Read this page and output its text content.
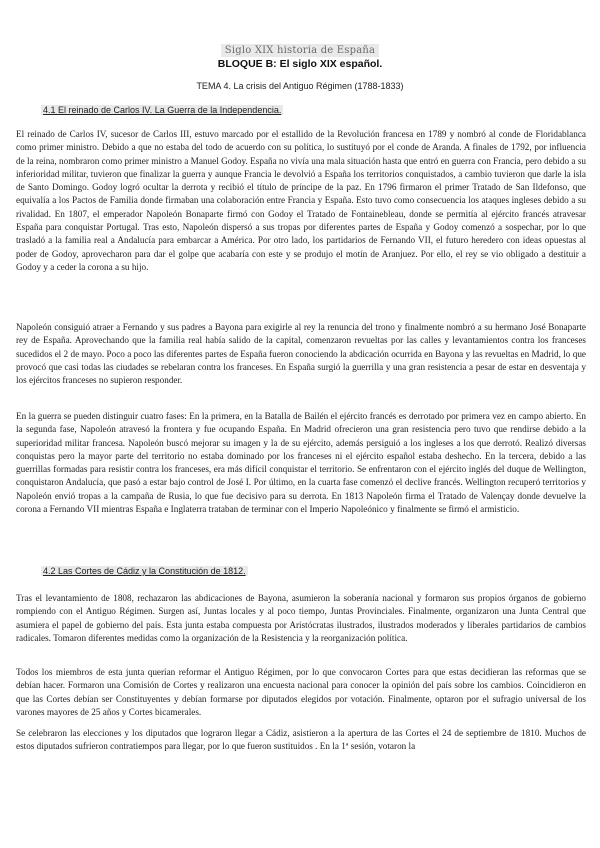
Siglo XIX historia de España
BLOQUE B: El siglo XIX español.
TEMA 4. La crisis del Antiguo Régimen (1788-1833)
4.1 El reinado de Carlos IV. La Guerra de la Independencia.

El reinado de Carlos IV, sucesor de Carlos III, estuvo marcado por el estallido de la Revolución francesa en 1789 y nombró al conde de Floridablanca como primer ministro. Debido a que no estaba del todo de acuerdo con su política, lo sustituyó por el conde de Aranda. A finales de 1792, por influencia de la reina, nombraron como primer ministro a Manuel Godoy. España no vivía una mala situación hasta que entró en guerra con Francia, pero debido a su inferioridad militar, tuvieron que finalizar la guerra y aunque Francia le devolvió a España los territorios conquistados, a cambio tuvieron que darle la isla de Santo Domingo. Godoy logró ocultar la derrota y recibió el título de príncipe de la paz. En 1796 firmaron el primer Tratado de San Ildefonso, que equivalía a los Pactos de Familia donde firmaban una colaboración entre Francia y España. Esto tuvo como consecuencia los ataques ingleses debido a su rivalidad. En 1807, el emperador Napoleón Bonaparte firmó con Godoy el Tratado de Fontainebleau, donde se permitía al ejército francés atravesar España para conquistar Portugal. Tras esto, Napoleón dispersó a sus tropas por diferentes partes de España y Godoy comenzó a sospechar, por lo que trasladó a la familia real a Andalucía para embarcar a América. Por otro lado, los partidarios de Fernando VII, el futuro heredero con ideas opuestas al poder de Godoy, aprovecharon para dar el golpe que acabaría con este y se produjo el motín de Aranjuez. Por ello, el rey se vio obligado a destituir a Godoy y a ceder la corona a su hijo.

Napoleón consiguió atraer a Fernando y sus padres a Bayona para exigirle al rey la renuncia del trono y finalmente nombró a su hermano José Bonaparte rey de España. Aprovechando que la familia real había salido de la capital, comenzaron revueltas por las calles y levantamientos contra los franceses sucedidos el 2 de mayo. Poco a poco las diferentes partes de España fueron conociendo la abdicación ocurrida en Bayona y las revueltas en Madrid, lo que provocó que casi todas las ciudades se rebelaran contra los franceses. En España surgió la guerrilla y una gran resistencia a pesar de estar en desventaja y los ejércitos franceses no supieron responder.

En la guerra se pueden distinguir cuatro fases: En la primera, en la Batalla de Bailén el ejército francés es derrotado por primera vez en campo abierto. En la segunda fase, Napoleón atravesó la frontera y fue ocupando España. En Madrid ofrecieron una gran resistencia pero tuvo que rendirse debido a la superioridad militar francesa. Napoleón buscó mejorar su imagen y la de su ejército, además persiguió a los ingleses a los que derrotó. Realizó diversas conquistas pero la mayor parte del territorio no estaba dominado por los franceses ni el ejército español estaba deshecho. En la tercera, debido a las guerrillas formadas para resistir contra los franceses, era más difícil conquistar el territorio. Se enfrentaron con el ejército inglés del duque de Wellington, conquistaron Andalucía, que pasó a estar bajo control de José I. Por último, en la cuarta fase comenzó el declive francés. Wellington recuperó territorios y Napoleón envió tropas a la campaña de Rusia, lo que fue decisivo para su derrota. En 1813 Napoleón firma el Tratado de Valençay donde devuelve la corona a Fernando VII mientras España e Inglaterra trataban de terminar con el Imperio Napoleónico y finalmente se firmó el armisticio.

4.2 Las Cortes de Cádiz y la Constitución de 1812.

Tras el levantamiento de 1808, rechazaron las abdicaciones de Bayona, asumieron la soberanía nacional y formaron sus propios órganos de gobierno rompiendo con el Antiguo Régimen. Surgen así, Juntas locales y al poco tiempo, Juntas Provinciales. Finalmente, organizaron una Junta Central que asumiera el papel de gobierno del país. Esta junta estaba compuesta por Aristócratas ilustrados, ilustrados moderados y liberales partidarios de cambios radicales. Tomaron diferentes medidas como la organización de la Resistencia y la reorganización política.

Todos los miembros de esta junta querían reformar el Antiguo Régimen, por lo que convocaron Cortes para que estas decidieran las reformas que se debían hacer. Formaron una Comisión de Cortes y realizaron una encuesta nacional para conocer la opinión del país sobre los cambios. Coincidieron en que las Cortes debían ser Constituyentes y debían formarse por diputados elegidos por votación. Finalmente, optaron por el sufragio universal de los varones mayores de 25 años y Cortes bicamerales.

Se celebraron las elecciones y los diputados que lograron llegar a Cádiz, asistieron a la apertura de las Cortes el 24 de septiembre de 1810. Muchos de estos diputados sufrieron contratiempos para llegar, por lo que fueron sustituidos . En la 1ª sesión, votaron la
